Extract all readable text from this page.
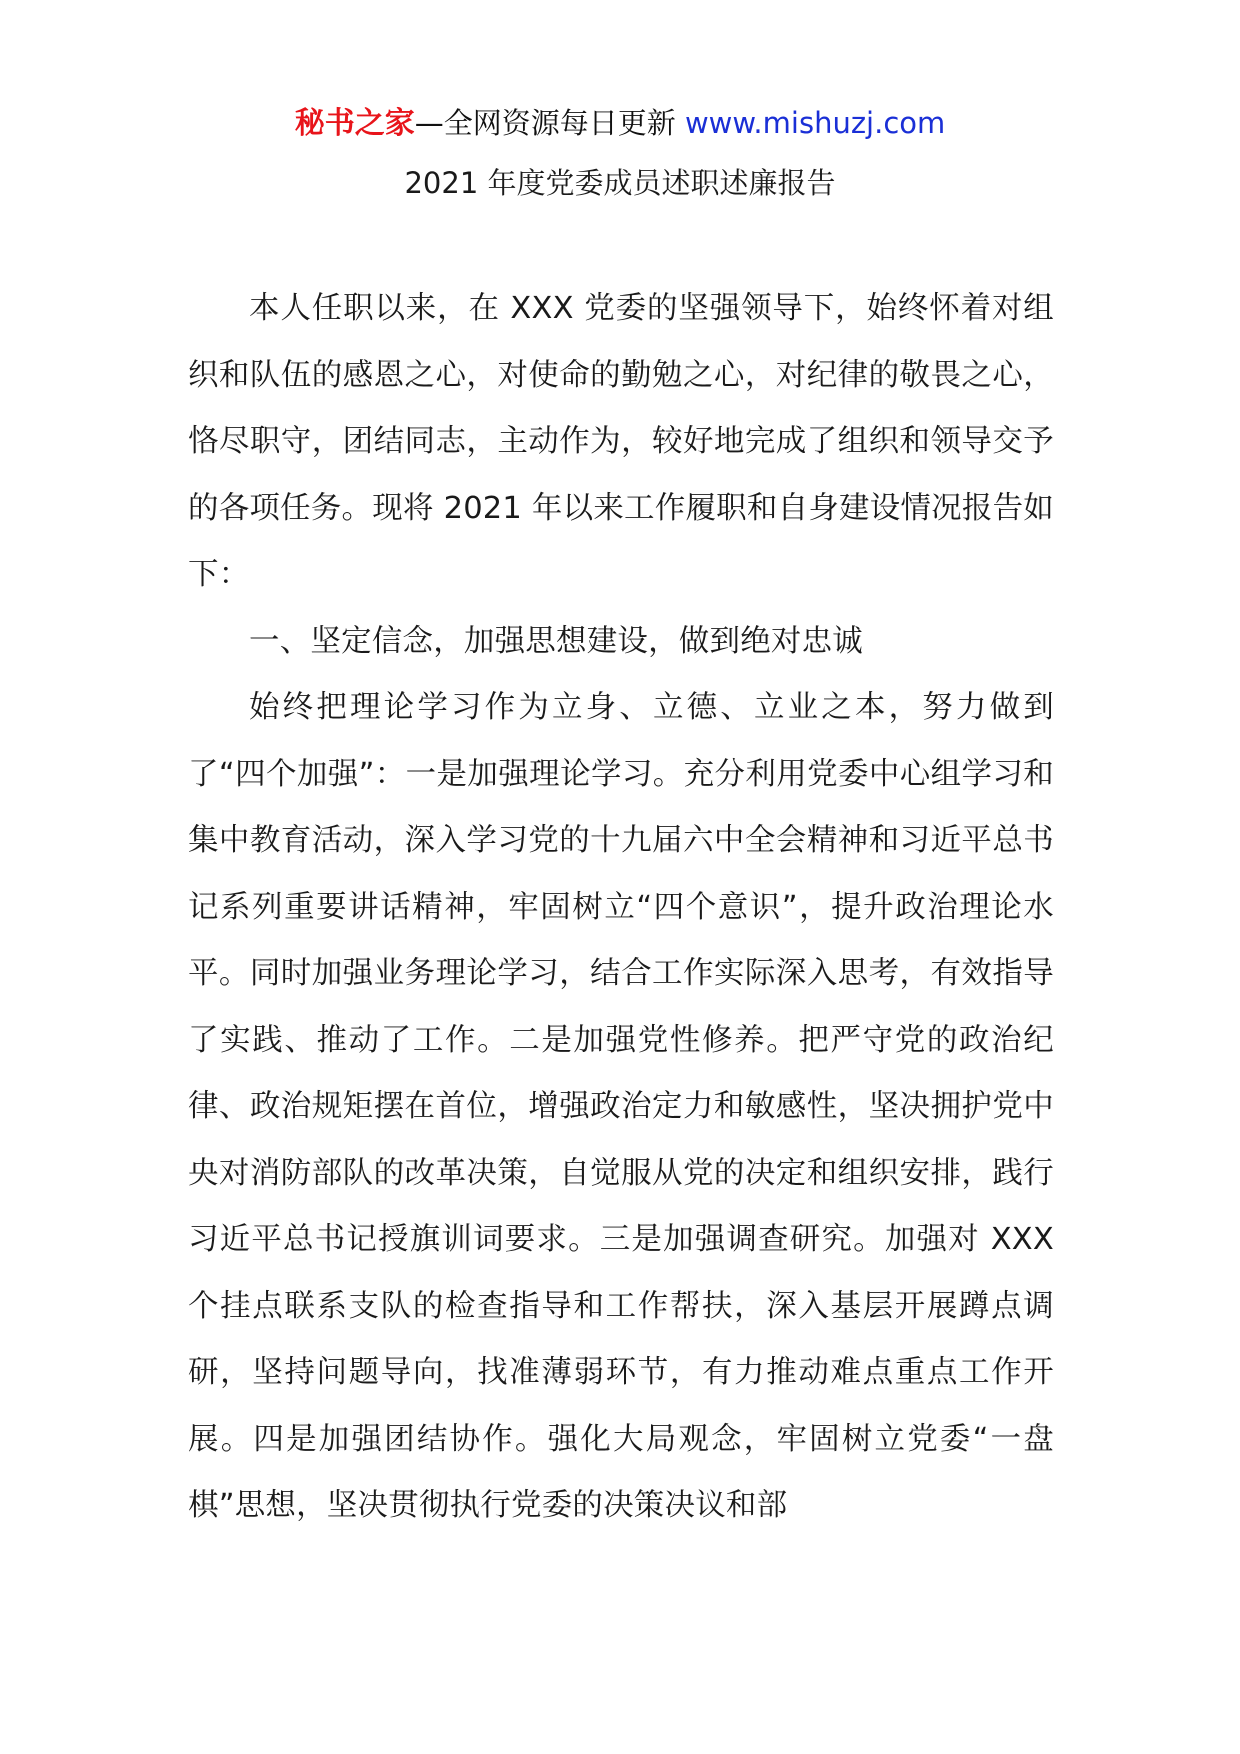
秘书之家—全网资源每日更新 www.mishuzj.com
2021 年度党委成员述职述廉报告

本人任职以来，在 XXX 党委的坚强领导下，始终怀着对组织和队伍的感恩之心，对使命的勤勉之心，对纪律的敬畏之心，恪尽职守，团结同志，主动作为，较好地完成了组织和领导交予的各项任务。现将 2021 年以来工作履职和自身建设情况报告如下：

一、坚定信念，加强思想建设，做到绝对忠诚

始终把理论学习作为立身、立德、立业之本，努力做到了“四个加强”：一是加强理论学习。充分利用党委中心组学习和集中教育活动，深入学习党的十九届六中全会精神和习近平总书记系列重要讲话精神，牢固树立“四个意识”，提升政治理论水平。同时加强业务理论学习，结合工作实际深入思考，有效指导了实践、推动了工作。二是加强党性修养。把严守党的政治纪律、政治规矩摆在首位，增强政治定力和敏感性，坚决拥护党中央对消防部队的改革决策，自觉服从党的决定和组织安排，践行习近平总书记授旗训词要求。三是加强调查研究。加强对 XXX 个挂点联系支队的检查指导和工作帮扶，深入基层开展蹲点调研，坚持问题导向，找准薄弱环节，有力推动难点重点工作开展。四是加强团结协作。强化大局观念，牢固树立党委“一盘棋”思想，坚决贯彻执行党委的决策决议和部
